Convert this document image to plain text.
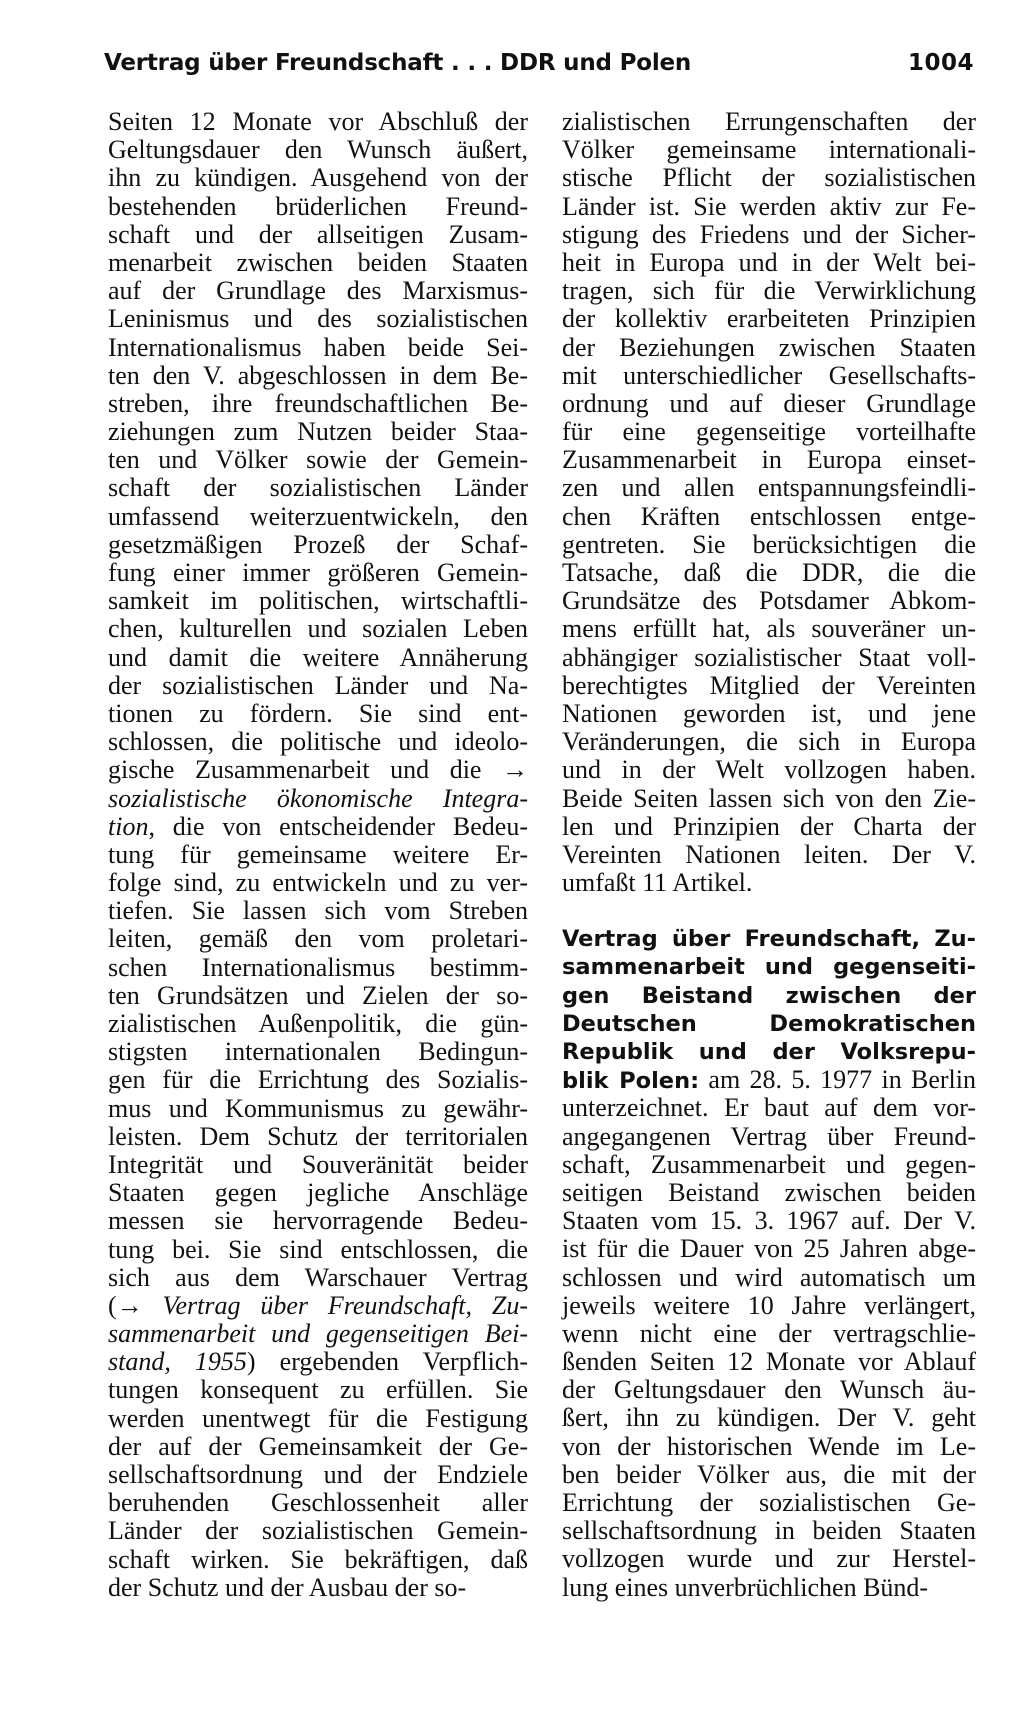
Vertrag über Freundschaft . . . DDR und Polen	1004
Seiten 12 Monate vor Abschluß der
Geltungsdauer den Wunsch äußert,
ihn zu kündigen. Ausgehend von der
bestehenden brüderlichen Freund-
schaft und der allseitigen Zusam-
menarbeit zwischen beiden Staaten
auf der Grundlage des Marxismus-
Leninismus und des sozialistischen
Internationalismus haben beide Sei-
ten den V. abgeschlossen in dem Be-
streben, ihre freundschaftlichen Be-
ziehungen zum Nutzen beider Staa-
ten und Völker sowie der Gemein-
schaft der sozialistischen Länder
umfassend weiterzuentwickeln, den
gesetzmäßigen Prozeß der Schaf-
fung einer immer größeren Gemein-
samkeit im politischen, wirtschaftli-
chen, kulturellen und sozialen Leben
und damit die weitere Annäherung
der sozialistischen Länder und Na-
tionen zu fördern. Sie sind ent-
schlossen, die politische und ideolo-
gische Zusammenarbeit und die →
sozialistische ökonomische Integra-
tion, die von entscheidender Bedeu-
tung für gemeinsame weitere Er-
folge sind, zu entwickeln und zu ver-
tiefen. Sie lassen sich vom Streben
leiten, gemäß den vom proletari-
schen Internationalismus bestimm-
ten Grundsätzen und Zielen der so-
zialistischen Außenpolitik, die gün-
stigsten internationalen Bedingun-
gen für die Errichtung des Sozialis-
mus und Kommunismus zu gewähr-
leisten. Dem Schutz der territorialen
Integrität und Souveränität beider
Staaten gegen jegliche Anschläge
messen sie hervorragende Bedeu-
tung bei. Sie sind entschlossen, die
sich aus dem Warschauer Vertrag
(→ Vertrag über Freundschaft, Zu-
sammenarbeit und gegenseitigen Bei-
stand, 1955) ergebenden Verpflich-
tungen konsequent zu erfüllen. Sie
werden unentwegt für die Festigung
der auf der Gemeinsamkeit der Ge-
sellschaftsordnung und der Endziele
beruhenden Geschlossenheit aller
Länder der sozialistischen Gemein-
schaft wirken. Sie bekräftigen, daß
der Schutz und der Ausbau der so-
zialistischen Errungenschaften der
Völker gemeinsame internationali-
stische Pflicht der sozialistischen
Länder ist. Sie werden aktiv zur Fe-
stigung des Friedens und der Sicher-
heit in Europa und in der Welt bei-
tragen, sich für die Verwirklichung
der kollektiv erarbeiteten Prinzipien
der Beziehungen zwischen Staaten
mit unterschiedlicher Gesellschafts-
ordnung und auf dieser Grundlage
für eine gegenseitige vorteilhafte
Zusammenarbeit in Europa einset-
zen und allen entspannungsfeindli-
chen Kräften entschlossen entge-
gentreten. Sie berücksichtigen die
Tatsache, daß die DDR, die die
Grundsätze des Potsdamer Abkom-
mens erfüllt hat, als souveräner un-
abhängiger sozialistischer Staat voll-
berechtigtes Mitglied der Vereinten
Nationen geworden ist, und jene
Veränderungen, die sich in Europa
und in der Welt vollzogen haben.
Beide Seiten lassen sich von den Zie-
len und Prinzipien der Charta der
Vereinten Nationen leiten. Der V.
umfaßt 11 Artikel.
Vertrag über Freundschaft, Zu-
sammenarbeit und gegenseiti-
gen Beistand zwischen der
Deutschen Demokratischen
Republik und der Volksrepu-
blik Polen: am 28. 5. 1977 in Berlin
unterzeichnet. Er baut auf dem vor-
angegangenen Vertrag über Freund-
schaft, Zusammenarbeit und gegen-
seitigen Beistand zwischen beiden
Staaten vom 15. 3. 1967 auf. Der V.
ist für die Dauer von 25 Jahren abge-
schlossen und wird automatisch um
jeweils weitere 10 Jahre verlängert,
wenn nicht eine der vertragschlie-
ßenden Seiten 12 Monate vor Ablauf
der Geltungsdauer den Wunsch äu-
ßert, ihn zu kündigen. Der V. geht
von der historischen Wende im Le-
ben beider Völker aus, die mit der
Errichtung der sozialistischen Ge-
sellschaftsordnung in beiden Staaten
vollzogen wurde und zur Herstel-
lung eines unverbrüchlichen Bünd-
